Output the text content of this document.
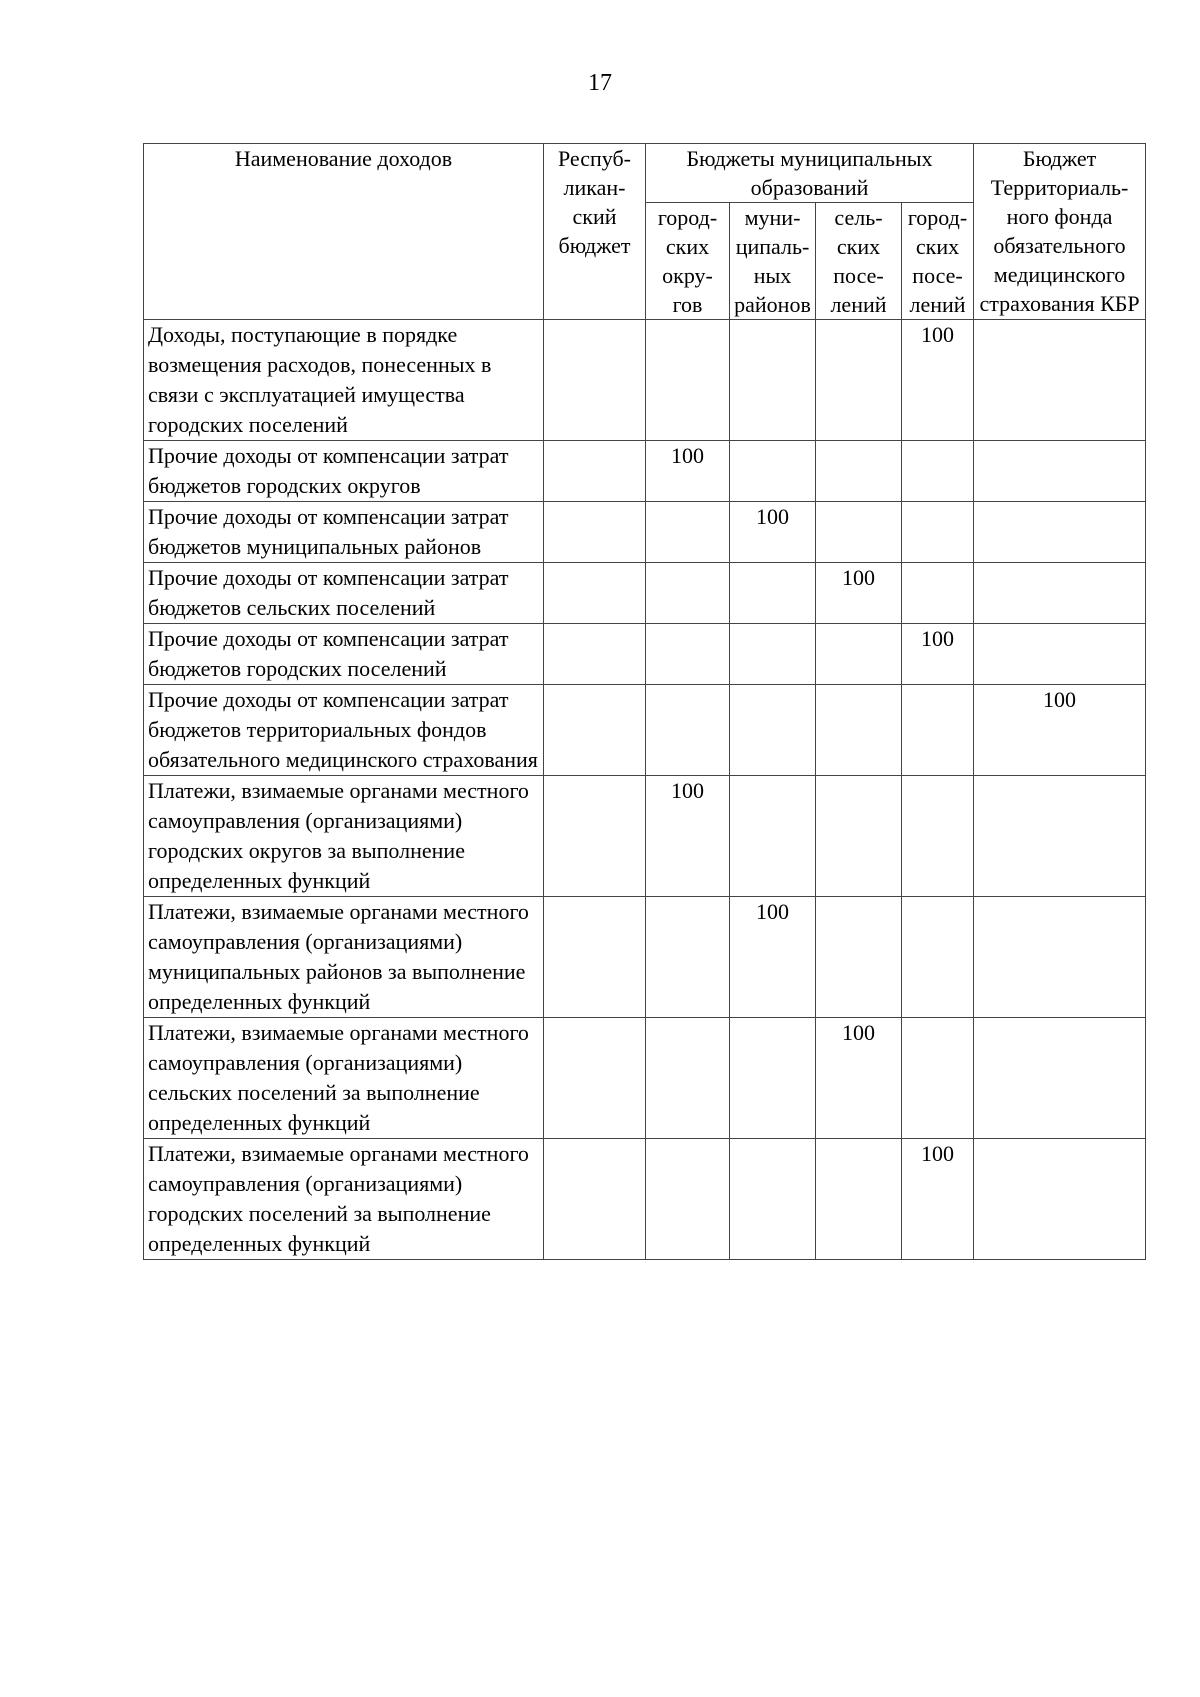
17
Наименование доходов	Респуб-ликан-ский бюджет	Бюджеты муниципальных образований				Бюджет Территориаль-ного фонда обязательного медицинского страхования КБР
		город-ских окру-гов	муни-ципаль-ных районов	сель-ских посе-лений	город-ских посе-лений	
Доходы, поступающие в порядке возмещения расходов, понесенных в связи с эксплуатацией имущества городских поселений					100	
Прочие доходы от компенсации затрат бюджетов городских округов		100				
Прочие доходы от компенсации затрат бюджетов муниципальных районов			100			
Прочие доходы от компенсации затрат бюджетов сельских поселений				100		
Прочие доходы от компенсации затрат бюджетов городских поселений					100	
Прочие доходы от компенсации затрат бюджетов территориальных фондов обязательного медицинского страхования						100
Платежи, взимаемые органами местного самоуправления (организациями) городских округов за выполнение определенных функций		100				
Платежи, взимаемые органами местного самоуправления (организациями) муниципальных районов за выполнение определенных функций			100			
Платежи, взимаемые органами местного самоуправления (организациями) сельских поселений за выполнение определенных функций				100		
Платежи, взимаемые органами местного самоуправления (организациями) городских поселений за выполнение определенных функций					100	
